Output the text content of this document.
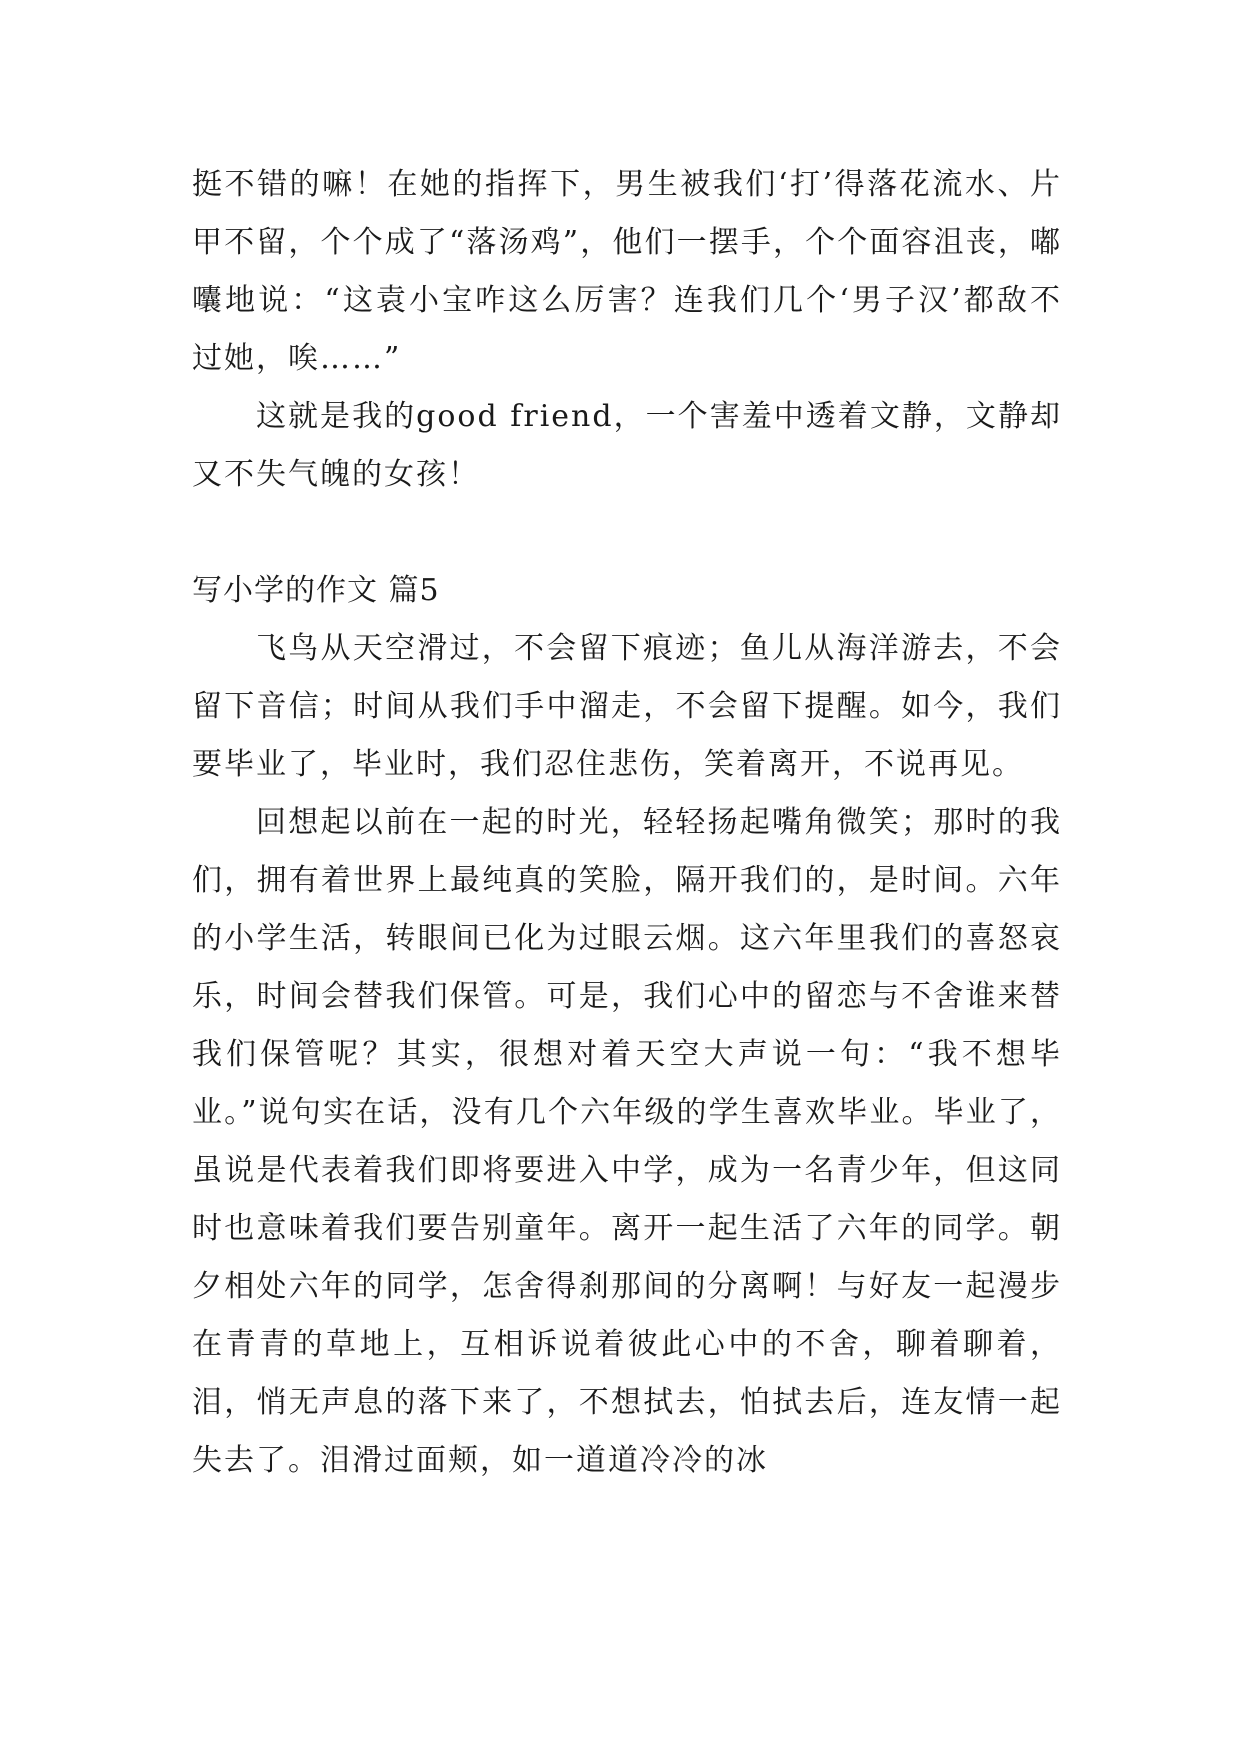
挺不错的嘛！在她的指挥下，男生被我们‘打’得落花流水、片甲不留，个个成了“落汤鸡”，他们一摆手，个个面容沮丧，嘟囔地说：“这袁小宝咋这么厉害？连我们几个‘男子汉’都敌不过她，唉……”

这就是我的good friend，一个害羞中透着文静，文静却又不失气魄的女孩！

写小学的作文 篇5

飞鸟从天空滑过，不会留下痕迹；鱼儿从海洋游去，不会留下音信；时间从我们手中溜走，不会留下提醒。如今，我们要毕业了，毕业时，我们忍住悲伤，笑着离开，不说再见。

回想起以前在一起的时光，轻轻扬起嘴角微笑；那时的我们，拥有着世界上最纯真的笑脸，隔开我们的，是时间。六年的小学生活，转眼间已化为过眼云烟。这六年里我们的喜怒哀乐，时间会替我们保管。可是，我们心中的留恋与不舍谁来替我们保管呢？其实，很想对着天空大声说一句：“我不想毕业。”说句实在话，没有几个六年级的学生喜欢毕业。毕业了，虽说是代表着我们即将要进入中学，成为一名青少年，但这同时也意味着我们要告别童年。离开一起生活了六年的同学。朝夕相处六年的同学，怎舍得刹那间的分离啊！与好友一起漫步在青青的草地上，互相诉说着彼此心中的不舍，聊着聊着，泪，悄无声息的落下来了，不想拭去，怕拭去后，连友情一起失去了。泪滑过面颊，如一道道冷冷的冰
